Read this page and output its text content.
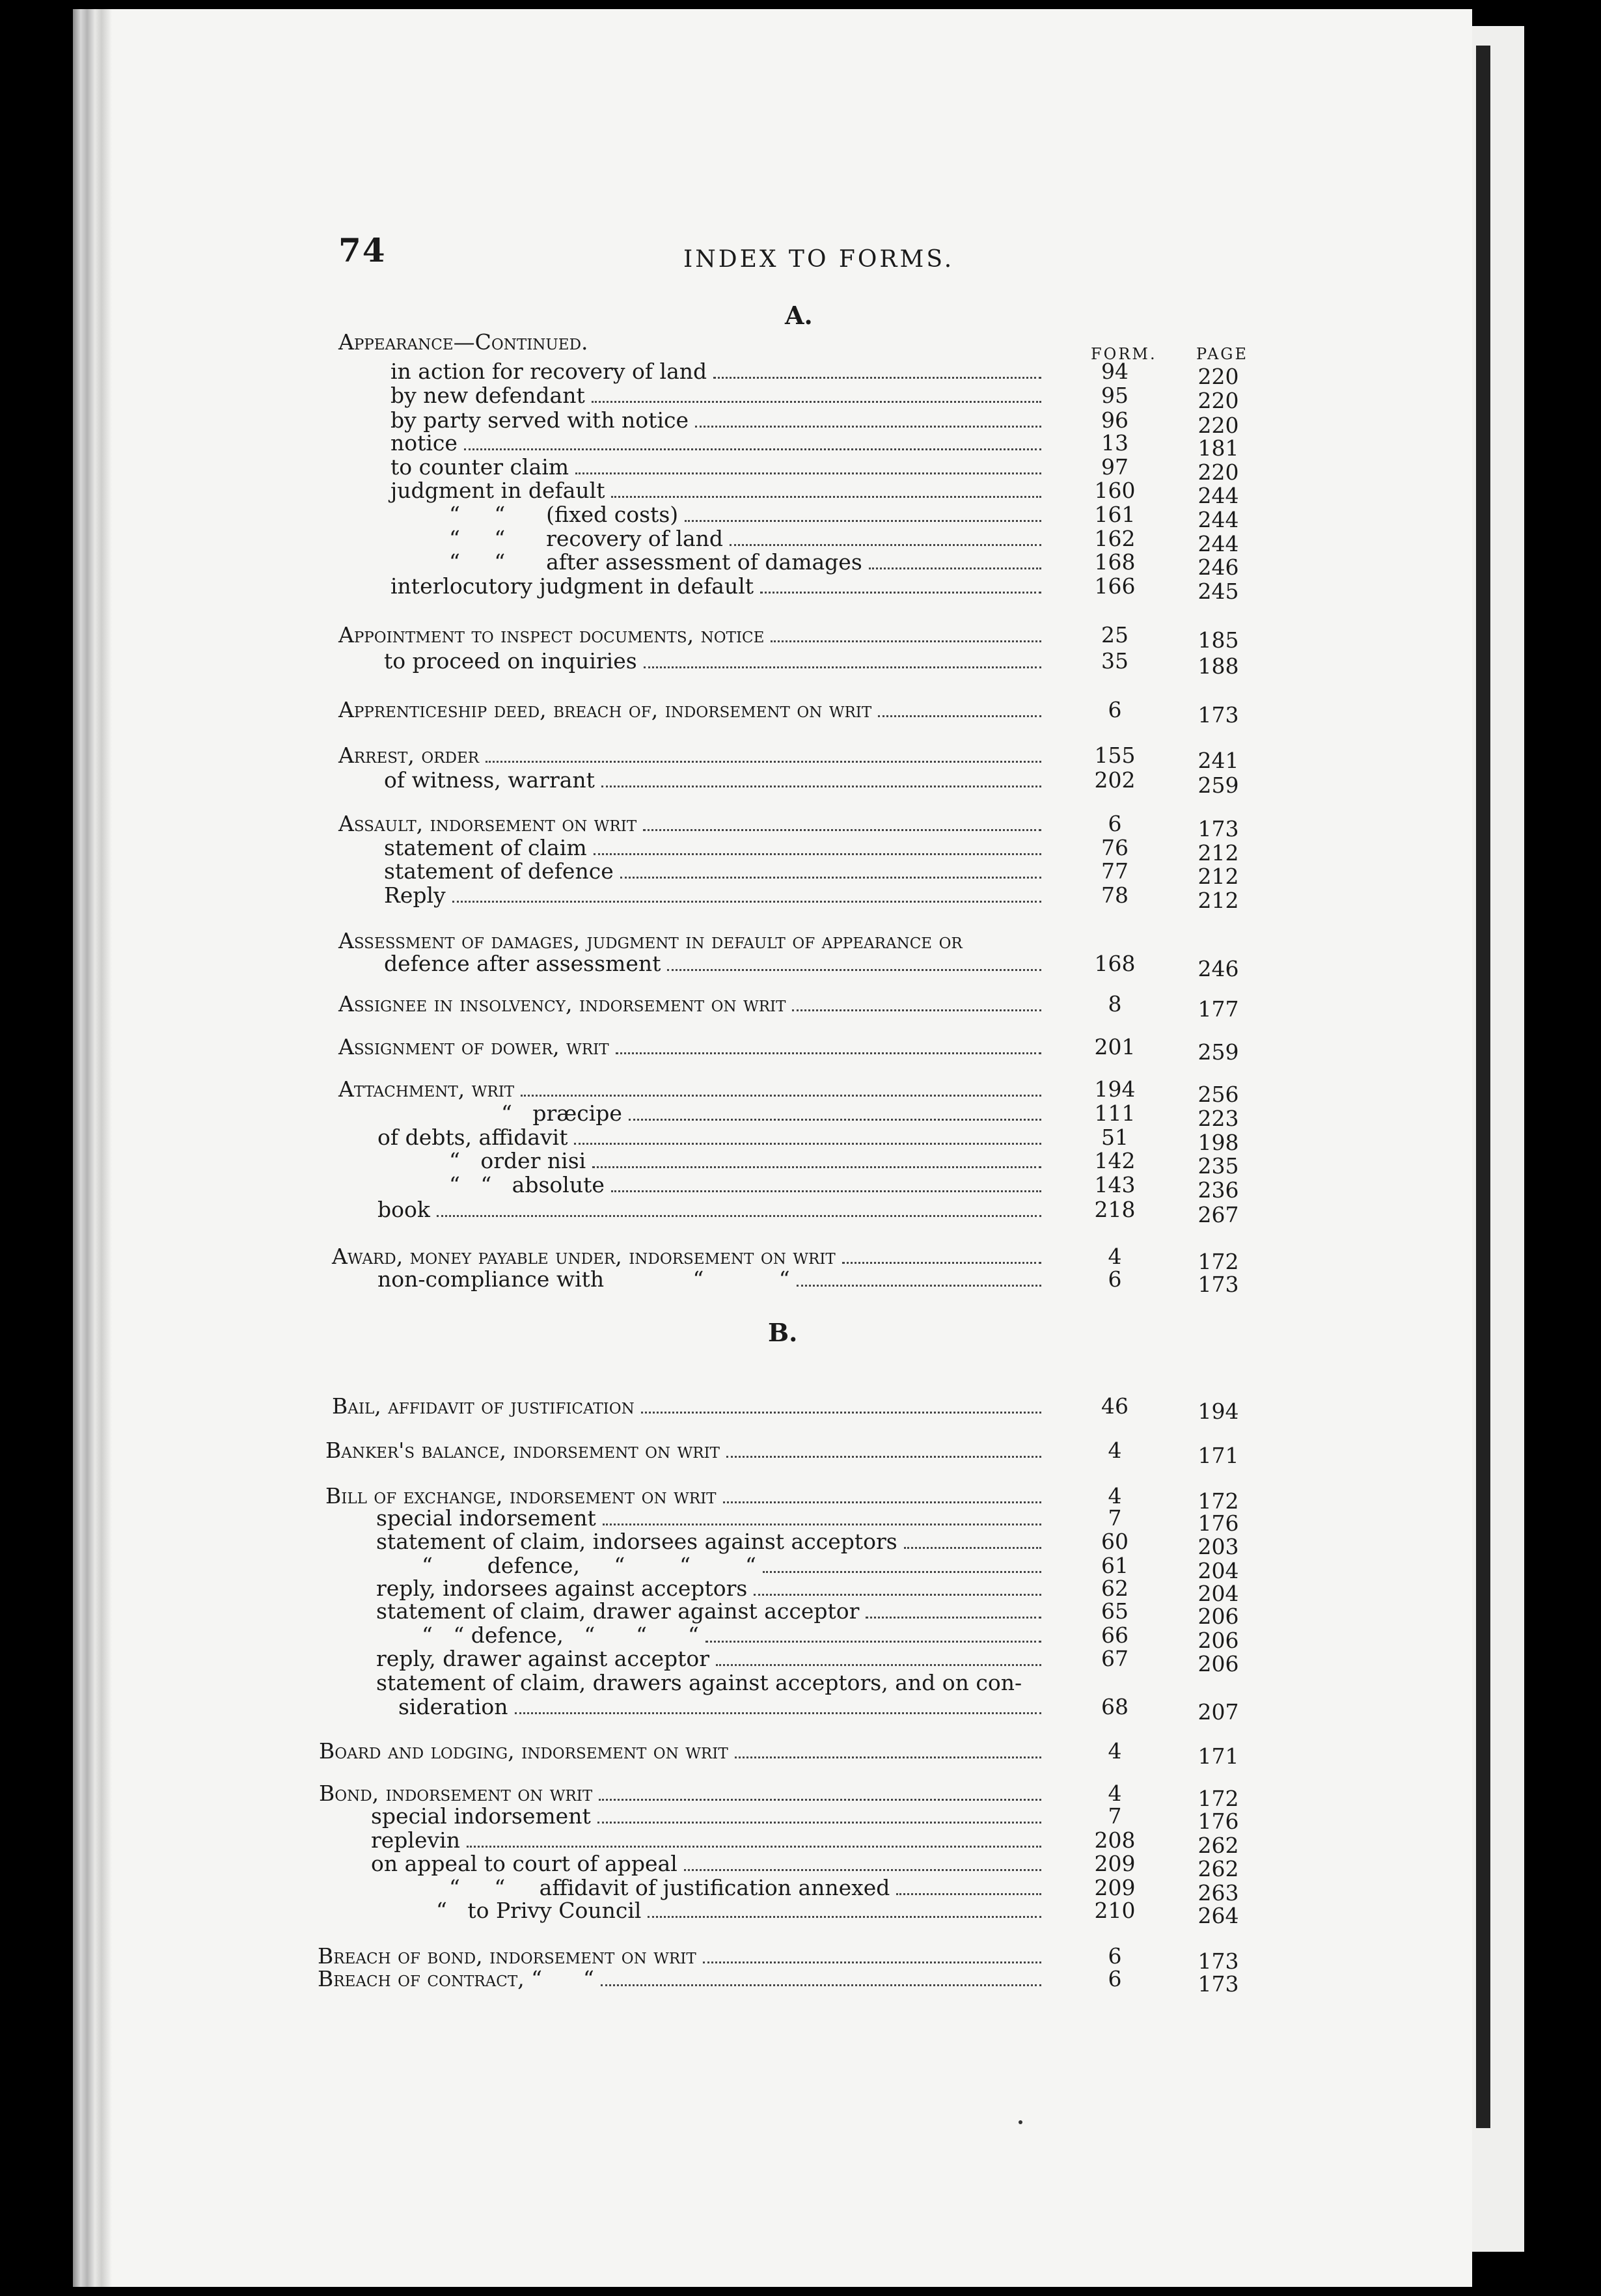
74	INDEX TO FORMS.
A.
FORM.	PAGE
B.
Appearance—Continued.
in action for recovery of land	94	220
by new defendant	95	220
by party served with notice	96	220
notice	13	181
to counter claim	97	220
judgment in default	160	244
“     “      (fixed costs)	161	244
“     “      recovery of land	162	244
“     “      after assessment of damages	168	246
interlocutory judgment in default	166	245
Appointment to inspect documents, notice	25	185
to proceed on inquiries	35	188
Apprenticeship deed, breach of, indorsement on writ	6	173
Arrest, order	155	241
of witness, warrant	202	259
Assault, indorsement on writ	6	173
statement of claim	76	212
statement of defence	77	212
Reply	78	212
Assessment of damages, judgment in default of appearance or
defence after assessment	168	246
Assignee in insolvency, indorsement on writ	8	177
Assignment of dower, writ	201	259
Attachment, writ	194	256
“   præcipe	111	223
of debts, affidavit	51	198
“   order nisi	142	235
“   “   absolute	143	236
book	218	267
Award, money payable under, indorsement on writ	4	172
non-compliance with             “           “	6	173
Bail, affidavit of justification	46	194
Banker's balance, indorsement on writ	4	171
Bill of exchange, indorsement on writ	4	172
special indorsement	7	176
statement of claim, indorsees against acceptors	60	203
“        defence,     “        “        “	61	204
reply, indorsees against acceptors	62	204
statement of claim, drawer against acceptor	65	206
“   “ defence,   “      “      “	66	206
reply, drawer against acceptor	67	206
statement of claim, drawers against acceptors, and on con-
sideration	68	207
Board and lodging, indorsement on writ	4	171
Bond, indorsement on writ	4	172
special indorsement	7	176
replevin	208	262
on appeal to court of appeal	209	262
“     “     affidavit of justification annexed	209	263
“   to Privy Council	210	264
Breach of bond, indorsement on writ	6	173
Breach of contract, “      “	6	173
